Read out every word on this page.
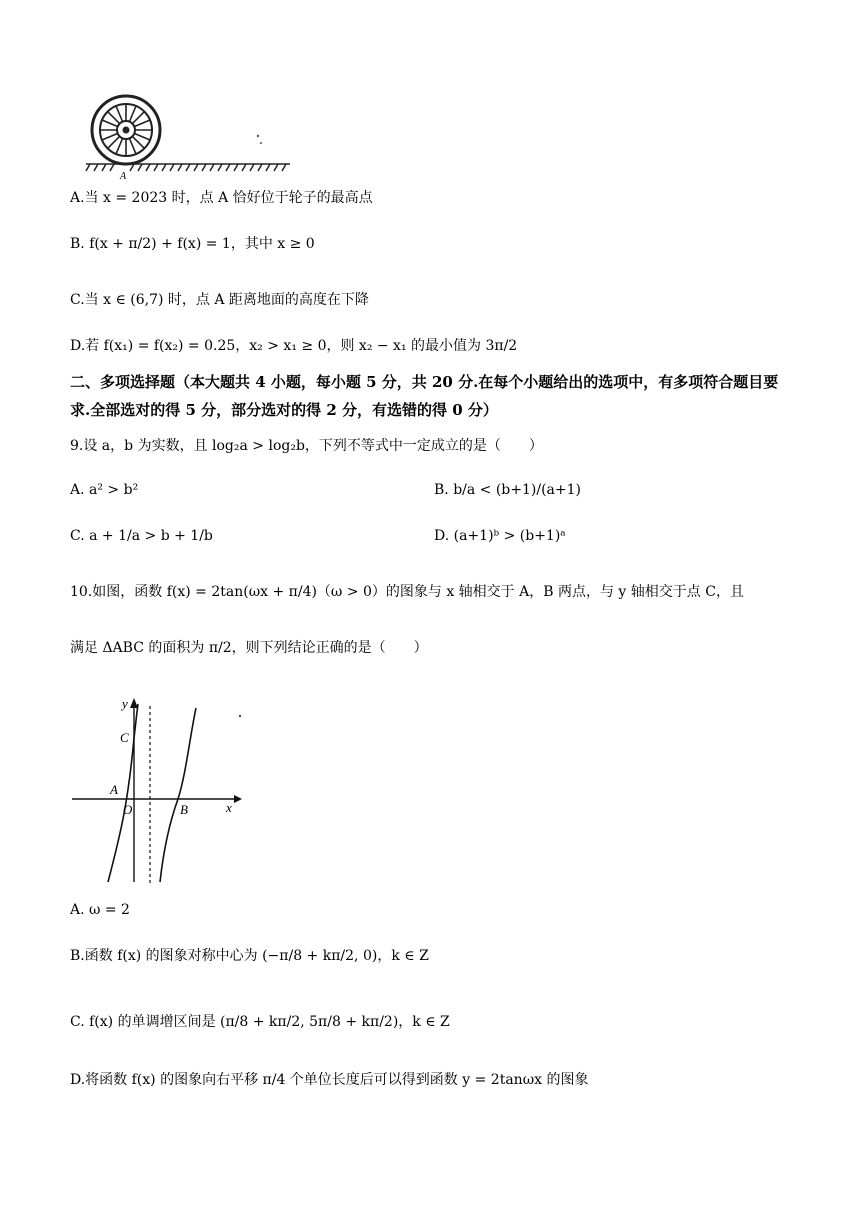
A
A.当 x = 2023 时，点 A 恰好位于轮子的最高点
B. f(x + π/2) + f(x) = 1，其中 x ≥ 0
C.当 x ∈ (6,7) 时，点 A 距离地面的高度在下降
D.若 f(x₁) = f(x₂) = 0.25，x₂ > x₁ ≥ 0，则 x₂ − x₁ 的最小值为 3π/2
二、多项选择题（本大题共 4 小题，每小题 5 分，共 20 分.在每个小题给出的选项中，有多项符合题目要求.全部选对的得 5 分，部分选对的得 2 分，有选错的得 0 分）
9.设 a，b 为实数，且 log₂a > log₂b，下列不等式中一定成立的是（　　）
A. a² > b²	B. b/a < (b+1)/(a+1)
C. a + 1/a > b + 1/b	D. (a+1)ᵇ > (b+1)ᵃ
10.如图，函数 f(x) = 2tan(ωx + π/4)（ω > 0）的图象与 x 轴相交于 A，B 两点，与 y 轴相交于点 C，且
满足 ΔABC 的面积为 π/2，则下列结论正确的是（　　）
y
C
A
O	B	x
A. ω = 2
B.函数 f(x) 的图象对称中心为 (−π/8 + kπ/2, 0)，k ∈ Z
C. f(x) 的单调增区间是 (π/8 + kπ/2, 5π/8 + kπ/2)，k ∈ Z
D.将函数 f(x) 的图象向右平移 π/4 个单位长度后可以得到函数 y = 2tanωx 的图象
